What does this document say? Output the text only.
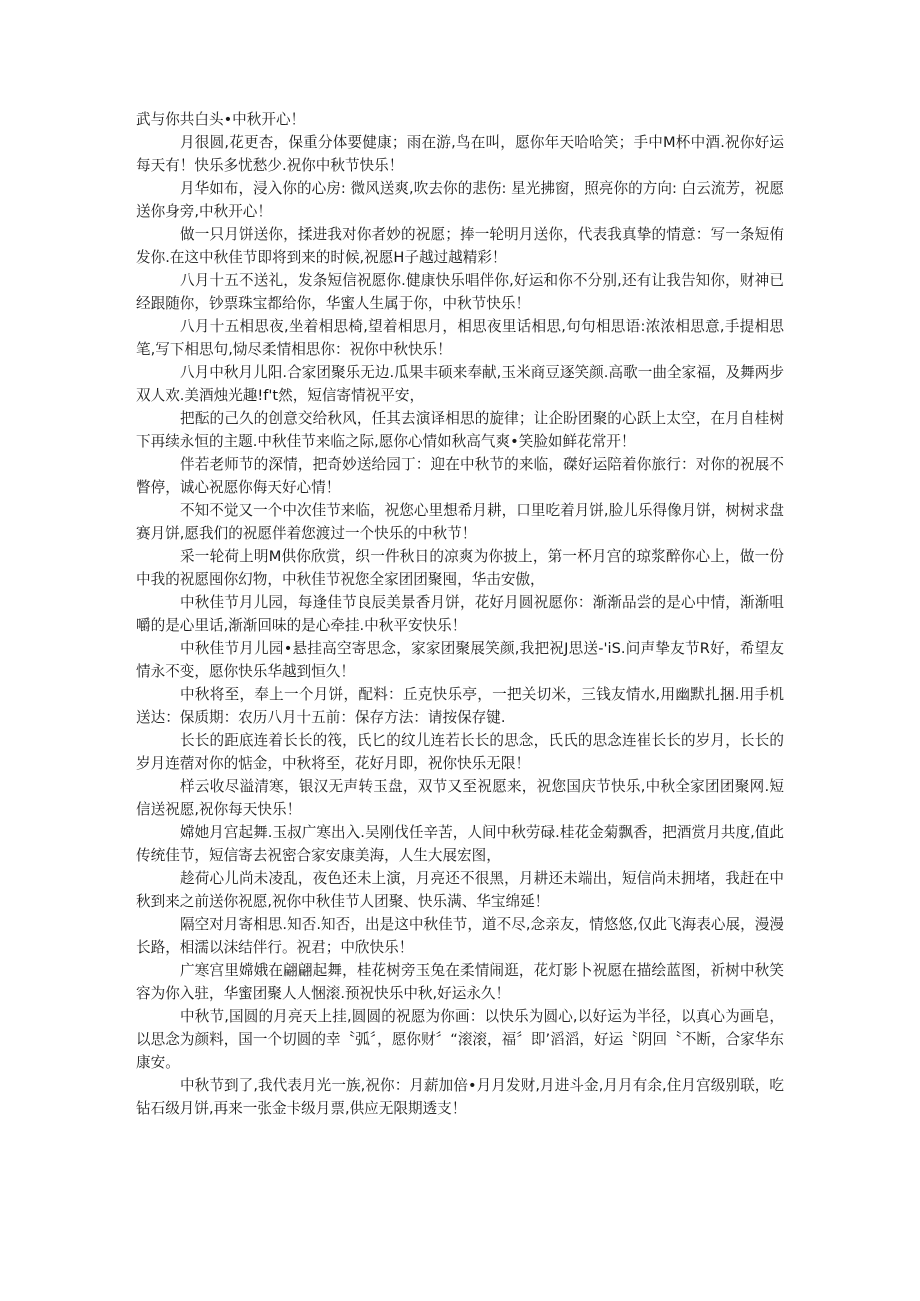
武与你共白头•中秋开心！

月很圆,花更杏，保重分体要健康；雨在游,鸟在叫，愿你年天哈哈笑；手中M杯中酒.祝你好运每天有！快乐多忧愁少.祝你中秋节快乐！

月华如布，浸入你的心房: 微风送爽,吹去你的悲伤: 星光拂窗，照亮你的方向: 白云流芳，祝愿送你身旁,中秋开心！

做一只月饼送你，揉进我对你者妙的祝愿；捧一轮明月送你，代表我真挚的情意：写一条短侑发你.在这中秋佳节即将到来的时候,祝愿H子越过越精彩！

八月十五不送礼，发条短信祝愿你.健康快乐唱伴你,好运和你不分别,还有让我告知你，财神已经跟随你，钞票珠宝都给你，华蜜人生属于你，中秋节快乐！

八月十五相思夜,坐着相思椅,望着相思月，相思夜里话相思,句句相思语:浓浓相思意,手提相思笔,写下相思句,恸尽柔情相思你：祝你中秋快乐！

八月中秋月儿阳.合家团聚乐无边.瓜果丰硕来奉献,玉米商豆逐笑颜.高歌一曲全家福，及舞两步双人欢.美酒烛光趣!f't然，短信寄情祝平安，

把酝的己久的创意交给秋风，任其去演译相思的旋律；让企盼团聚的心跃上太空，在月自桂树下再续永恒的主题.中秋佳节来临之际,愿你心情如秋高气爽•笑脸如鲜花常开！

伴若老师节的深情，把奇妙送给园丁：迎在中秋节的来临，磔好运陪着你旅行：对你的祝展不瞥停，诚心祝愿你侮天好心情！

不知不觉又一个中次佳节来临，祝您心里想希月耕，口里吃着月饼,脸儿乐得像月饼，树树求盘赛月饼,愿我们的祝愿伴着您渡过一个快乐的中秋节！

采一轮荷上明M供你欣赏，织一件秋日的凉爽为你披上，第一杯月宫的琼浆醉你心上，做一份中我的祝愿囤你幻物，中秋佳节祝您全家团团聚囤，华击安傲，

中秋佳节月儿园，每逢佳节良辰美景香月饼，花好月圆祝愿你：渐渐品尝的是心中情，渐渐咀嚼的是心里话,渐渐回味的是心牵挂.中秋平安快乐！

中秋佳节月儿园•悬挂高空寄思念，家家团聚展笑颜,我把祝J思送-'iS.问声挚友节R好，希望友情永不变，愿你快乐华越到恒久！

中秋将至，奉上一个月饼，配料：丘克快乐亭，一把关切米，三钱友情水,用幽默扎捆.用手机送达：保质期：农历八月十五前：保存方法：请按保存键.

长长的距底连着长长的筏，氏匕的纹儿连若长长的思念，氏氏的思念连崔长长的岁月，长长的岁月连蓿对你的惦金，中秋将至，花好月即，祝你快乐无限！

样云收尽溢清寒，银汉无声转玉盘，双节又至祝愿来，祝您国庆节快乐,中秋全家团团聚网.短信送祝愿,祝你每天快乐！

嫦她月宫起舞.玉叔广寒出入.吴刚伐任辛苦，人间中秋劳碌.桂花金菊飘香，把酒赏月共度,值此传统佳节，短信寄去祝密合家安康美海，人生大展宏图，

趁荷心儿尚未凌乱，夜色还未上演，月亮还不很黑，月耕还未端出，短信尚未拥堵，我赶在中秋到来之前送你祝愿,祝你中秋佳节人团聚、快乐满、华宝绵延！

隔空对月寄相思.知否.知否，出是这中秋佳节，道不尽,念亲友，情悠悠,仅此飞海表心展，漫漫长路，相濡以沫结伴行。祝君；中欣快乐！

广寒宫里嫦娥在翩翩起舞，桂花树旁玉兔在柔情闹逛，花灯影卜祝愿在描绘蓝图，祈树中秋笑容为你入驻，华蜜团聚人人悃滚.预祝快乐中秋,好运永久！

中秋节,国圆的月亮天上挂,圆圆的祝愿为你画：以快乐为圆心,以好运为半径，以真心为画皂，以思念为颜料，国一个切圆的幸〝弧〞，愿你财〞“滚滚，福〞即’滔滔，好运〝阴回〝不断，合家华东康安。

中秋节到了,我代表月光一族,祝你：月薪加倍•月月发财,月进斗金,月月有余,住月宫级别联，吃钻石级月饼,再来一张金卡级月票,供应无限期透支！
